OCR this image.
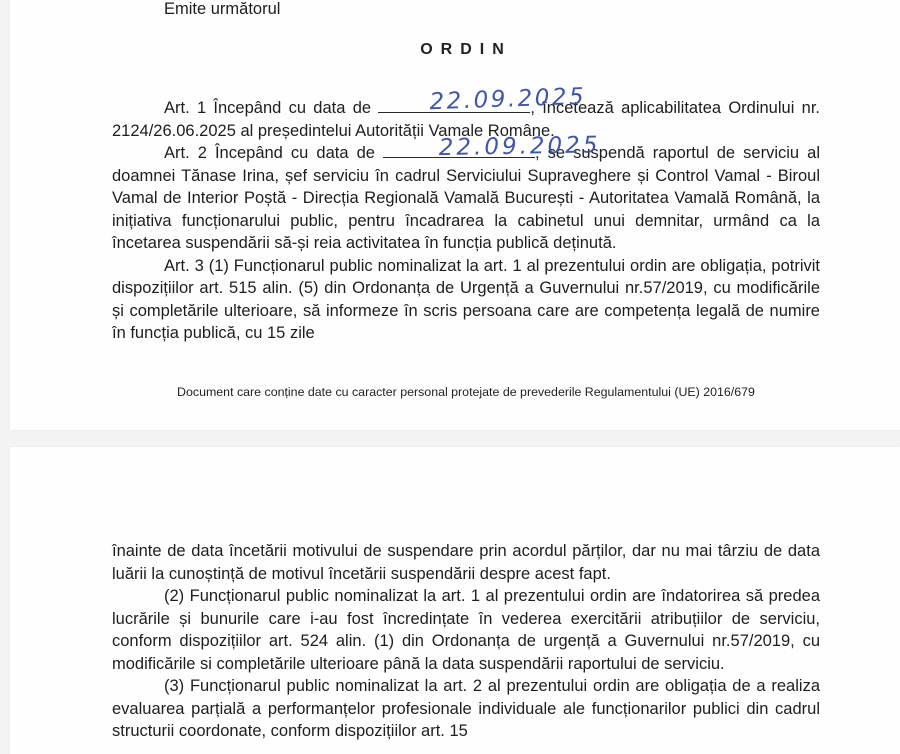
Emite următorul

ORDIN

Art. 1 Începând cu data de	22.09.2025
, încetează aplicabilitatea Ordinului nr. 2124/26.06.2025 al președintelui Autorității Vamale Române.

Art. 2 Începând cu data de	22.09.2025
, se suspendă raportul de serviciu al doamnei Tănase Irina, șef serviciu în cadrul Serviciului Supraveghere și Control Vamal - Biroul Vamal de Interior Poștă - Direcția Regională Vamală București - Autoritatea Vamală Română, la inițiativa funcționarului public, pentru încadrarea la cabinetul unui demnitar, urmând ca la încetarea suspendării să-și reia activitatea în funcția publică deținută.

Art. 3 (1) Funcționarul public nominalizat la art. 1 al prezentului ordin are obligația, potrivit dispozițiilor art. 515 alin. (5) din Ordonanța de Urgență a Guvernului nr.57/2019, cu modificările și completările ulterioare, să informeze în scris persoana care are competența legală de numire în funcția publică, cu 15 zile

Document care conține date cu caracter personal protejate de prevederile Regulamentului (UE) 2016/679

înainte de data încetării motivului de suspendare prin acordul părților, dar nu mai târziu de data luării la cunoștință de motivul încetării suspendării despre acest fapt.

(2) Funcționarul public nominalizat la art. 1 al prezentului ordin are îndatorirea să predea lucrările și bunurile care i-au fost încredințate în vederea exercitării atribuțiilor de serviciu, conform dispozițiilor art. 524 alin. (1) din Ordonanța de urgență a Guvernului nr.57/2019, cu modificările si completările ulterioare până la data suspendării raportului de serviciu.

(3) Funcționarul public nominalizat la art. 2 al prezentului ordin are obligația de a realiza evaluarea parțială a performanțelor profesionale individuale ale funcționarilor publici din cadrul structurii coordonate, conform dispozițiilor art. 15
